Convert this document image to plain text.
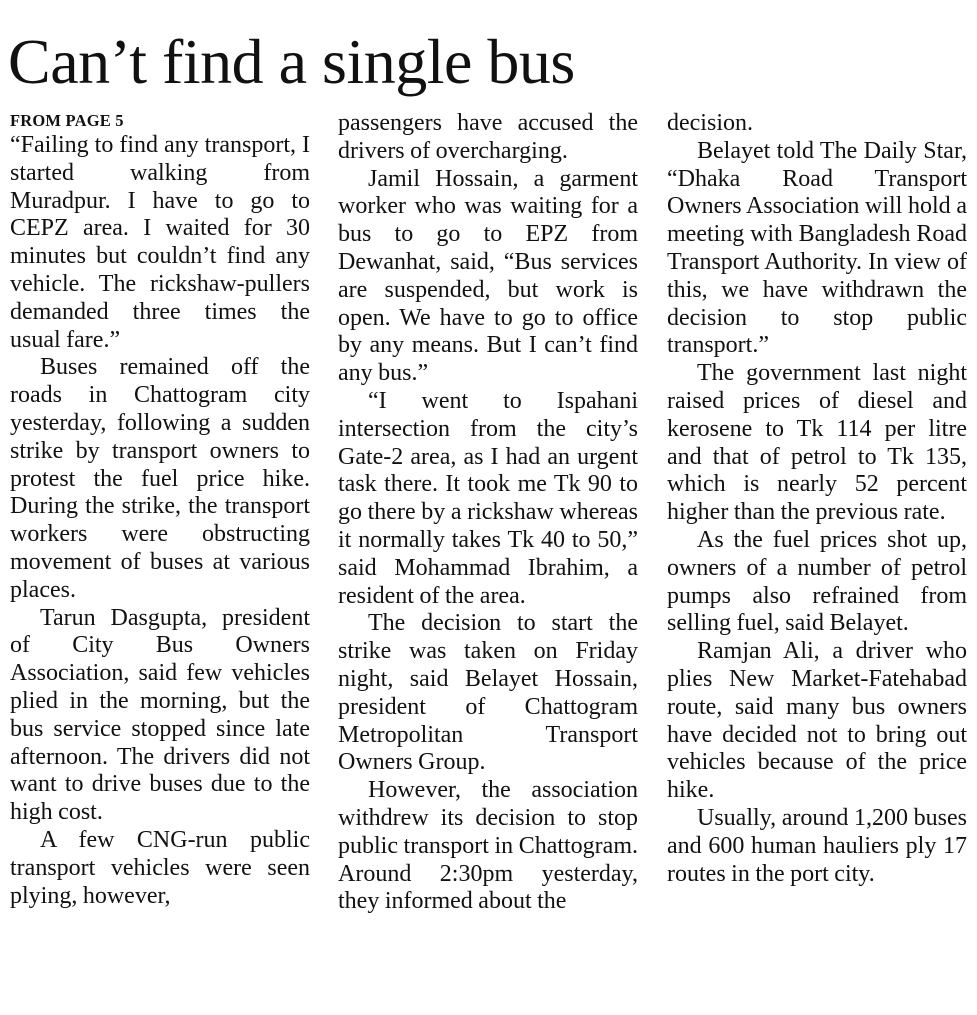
Can’t find a single bus
FROM PAGE 5

“Failing to find any transport, I started walking from Muradpur. I have to go to CEPZ area. I waited for 30 minutes but couldn’t find any vehicle. The rickshaw-pullers demanded three times the usual fare.”

Buses remained off the roads in Chattogram city yesterday, following a sudden strike by transport owners to protest the fuel price hike. During the strike, the transport workers were obstructing movement of buses at various places.

Tarun Dasgupta, president of City Bus Owners Association, said few vehicles plied in the morning, but the bus service stopped since late afternoon. The drivers did not want to drive buses due to the high cost.

A few CNG-run public transport vehicles were seen plying, however,

passengers have accused the drivers of overcharging.

Jamil Hossain, a garment worker who was waiting for a bus to go to EPZ from Dewanhat, said, “Bus services are suspended, but work is open. We have to go to office by any means. But I can’t find any bus.”

“I went to Ispahani intersection from the city’s Gate-2 area, as I had an urgent task there. It took me Tk 90 to go there by a rickshaw whereas it normally takes Tk 40 to 50,” said Mohammad Ibrahim, a resident of the area.

The decision to start the strike was taken on Friday night, said Belayet Hossain, president of Chattogram Metropolitan Transport Owners Group.

However, the association withdrew its decision to stop public transport in Chattogram. Around 2:30pm yesterday, they informed about the

decision.

Belayet told The Daily Star, “Dhaka Road Transport Owners Association will hold a meeting with Bangladesh Road Transport Authority. In view of this, we have withdrawn the decision to stop public transport.”

The government last night raised prices of diesel and kerosene to Tk 114 per litre and that of petrol to Tk 135, which is nearly 52 percent higher than the previous rate.

As the fuel prices shot up, owners of a number of petrol pumps also refrained from selling fuel, said Belayet.

Ramjan Ali, a driver who plies New Market-Fatehabad route, said many bus owners have decided not to bring out vehicles because of the price hike.

Usually, around 1,200 buses and 600 human hauliers ply 17 routes in the port city.
